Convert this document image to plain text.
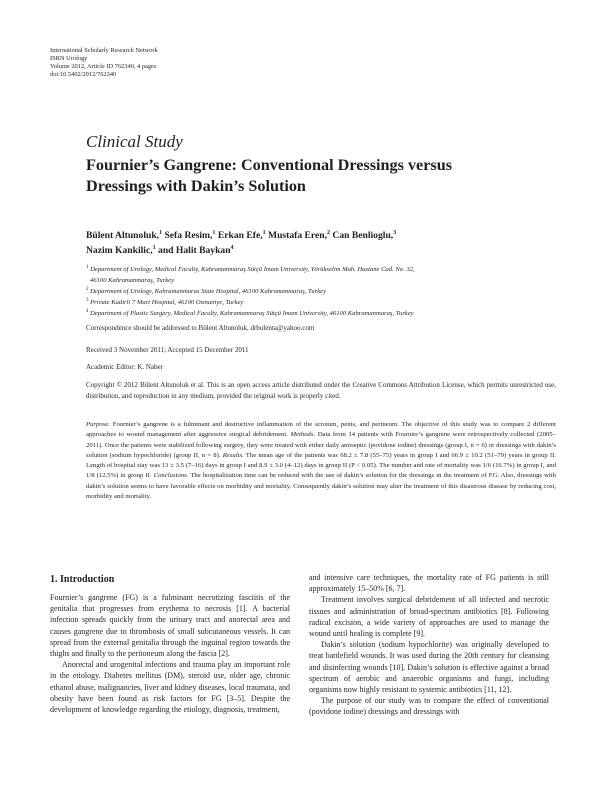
International Scholarly Research Network
ISRN Urology
Volume 2012, Article ID 762340, 4 pages
doi:10.5402/2012/762340
Clinical Study
Fournier’s Gangrene: Conventional Dressings versus
Dressings with Dakin’s Solution
Bülent Altunoluk,$^1$ Sefa Resim,$^1$ Erkan Efe,$^1$ Mustafa Eren,$^2$ Can Benlioglu,$^3$
Nazim Kankilic,$^1$ and Halit Baykan$^4$
$^1$ Department of Urology, Medical Faculty, Kahramanmaraş Sütçü İmam University, Yörükselim Mah. Hastane Cad. No. 32,
46100 Kahramanmaraş, Turkey
$^2$ Department of Urology, Kahramanmaras State Hospital, 46100 Kahramanmaraş, Turkey
$^3$ Private Kadirli 7 Mart Hospital, 46100 Osmaniye, Turkey
$^4$ Department of Plastic Surgery, Medical Faculty, Kahramanmaraş Sütçü İmam University, 46100 Kahramanmaraş, Turkey
Correspondence should be addressed to Bülent Altunoluk, drbulenta@yahoo.com
Received 3 November 2011; Accepted 15 December 2011
Academic Editor: K. Naber
Copyright © 2012 Bülent Altunoluk et al. This is an open access article distributed under the Creative Commons Attribution License, which permits unrestricted use, distribution, and reproduction in any medium, provided the original work is properly cited.
Purpose. Fournier’s gangrene is a fulminant and destructive inflammation of the scrotum, penis, and perineum. The objective of this study was to compare 2 different approaches to wound management after aggressive surgical debridement. Methods. Data from 14 patients with Fournier’s gangrene were retrospectively collected (2005–2011). Once the patients were stabilized following surgery, they were treated with either daily antiseptic (povidone iodine) dressings (group I, n = 6) or dressings with dakin’s solution (sodium hypochloride) (group II, n = 8). Results. The mean age of the patients was 68.2 ± 7.8 (55–75) years in group I and 66.9 ± 10.2 (51–79) years in group II. Length of hospital stay was 13 ± 3.5 (7–16) days in group I and 8.9 ± 3.0 (4–12) days in group II (P < 0.05). The number and rate of mortality was 1/6 (16.7%) in group I, and 1/8 (12.5%) in group II. Conclusions. The hospitalization time can be reduced with the use of dakin’s solution for the dressings in the treatment of FG. Also, dressings with dakin’s solution seems to have favorable effects on morbidity and mortality. Consequently dakin’s solution may alter the treatment of this disastrous disease by reducing cost, morbidity and mortality.
1. Introduction

Fournier’s gangrene (FG) is a fulminant necrotizing fasciitis of the genitalia that progresses from erythema to necrosis [1]. A bacterial infection spreads quickly from the urinary tract and anorectal area and causes gangrene due to thrombosis of small subcutaneous vessels. It can spread from the external genitalia through the inguinal region towards the thighs and finally to the peritoneum along the fascia [2].

Anorectal and urogenital infections and trauma play an important role in the etiology. Diabetes mellitus (DM), steroid use, older age, chronic ethanol abuse, malignancies, liver and kidney diseases, local traumata, and obesity have been found as risk factors for FG [3–5]. Despite the development of knowledge regarding the etiology, diagnosis, treatment,

and intensive care techniques, the mortality rate of FG patients is still approximately 15–50% [6, 7].

Treatment involves surgical debridement of all infected and necrotic tissues and administration of broad-spectrum antibiotics [8]. Following radical excision, a wide variety of approaches are used to manage the wound until healing is complete [9].

Dakin’s solution (sodium hypochlorite) was originally developed to treat battlefield wounds. It was used during the 20th century for cleansing and disinfecting wounds [10]. Dakin’s solution is effective against a broad spectrum of aerobic and anaerobic organisms and fungi, including organisms now highly resistant to systemic antibiotics [11, 12].

The purpose of our study was to compare the effect of conventional (povidone iodine) dressings and dressings with
